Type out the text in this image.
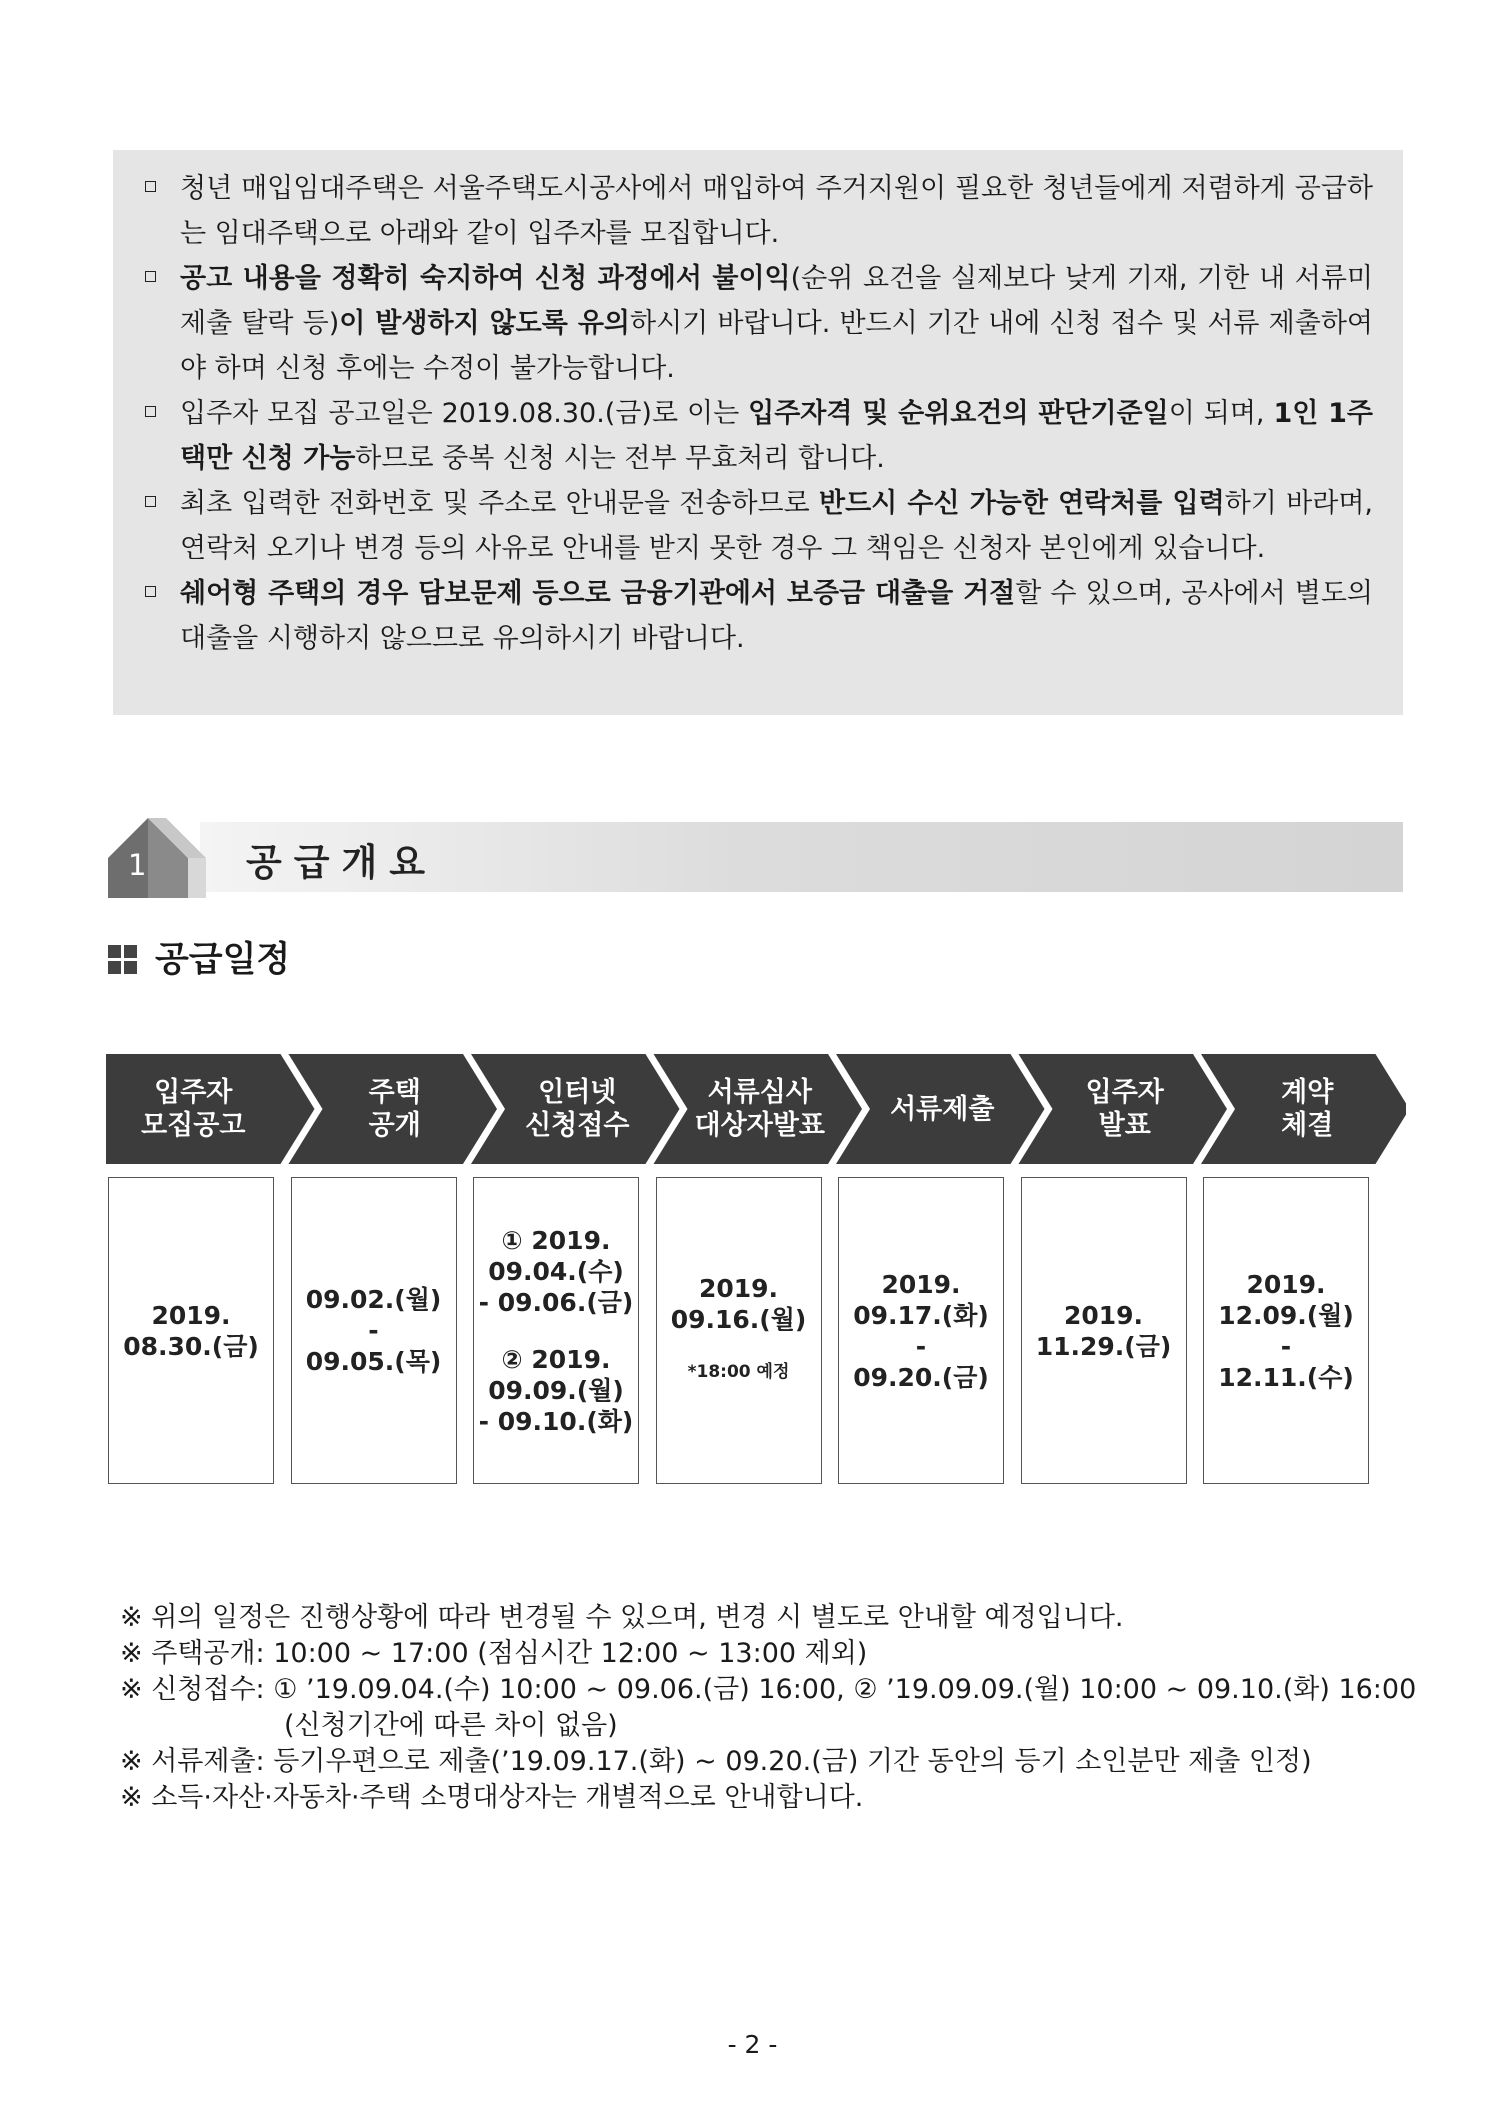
청년 매입임대주택은 서울주택도시공사에서 매입하여 주거지원이 필요한 청년들에게 저렴하게 공급하는 임대주택으로 아래와 같이 입주자를 모집합니다.
공고 내용을 정확히 숙지하여 신청 과정에서 불이익(순위 요건을 실제보다 낮게 기재, 기한 내 서류미제출 탈락 등)이 발생하지 않도록 유의하시기 바랍니다. 반드시 기간 내에 신청 접수 및 서류 제출하여야 하며 신청 후에는 수정이 불가능합니다.
입주자 모집 공고일은 2019.08.30.(금)로 이는 입주자격 및 순위요건의 판단기준일이 되며, 1인 1주택만 신청 가능하므로 중복 신청 시는 전부 무효처리 합니다.
최초 입력한 전화번호 및 주소로 안내문을 전송하므로 반드시 수신 가능한 연락처를 입력하기 바라며, 연락처 오기나 변경 등의 사유로 안내를 받지 못한 경우 그 책임은 신청자 본인에게 있습니다.
쉐어형 주택의 경우 담보문제 등으로 금융기관에서 보증금 대출을 거절할 수 있으며, 공사에서 별도의 대출을 시행하지 않으므로 유의하시기 바랍니다.
1	공급개요
공급일정
입주자
모집공고
주택
공개
인터넷
신청접수
서류심사
대상자발표
서류제출
입주자
발표
계약
체결
2019.
08.30.(금)
09.02.(월)
-
09.05.(목)
① 2019.
09.04.(수)
- 09.06.(금)
② 2019.
09.09.(월)
- 09.10.(화)
2019.
09.16.(월)
*18:00 예정
2019.
09.17.(화)
-
09.20.(금)
2019.
11.29.(금)
2019.
12.09.(월)
-
12.11.(수)
※ 위의 일정은 진행상황에 따라 변경될 수 있으며, 변경 시 별도로 안내할 예정입니다.
※ 주택공개: 10:00 ~ 17:00 (점심시간 12:00 ~ 13:00 제외)
※ 신청접수: ① ’19.09.04.(수) 10:00 ~ 09.06.(금) 16:00, ② ’19.09.09.(월) 10:00 ~ 09.10.(화) 16:00
(신청기간에 따른 차이 없음)
※ 서류제출: 등기우편으로 제출(’19.09.17.(화) ~ 09.20.(금) 기간 동안의 등기 소인분만 제출 인정)
※ 소득·자산·자동차·주택 소명대상자는 개별적으로 안내합니다.
- 2 -
